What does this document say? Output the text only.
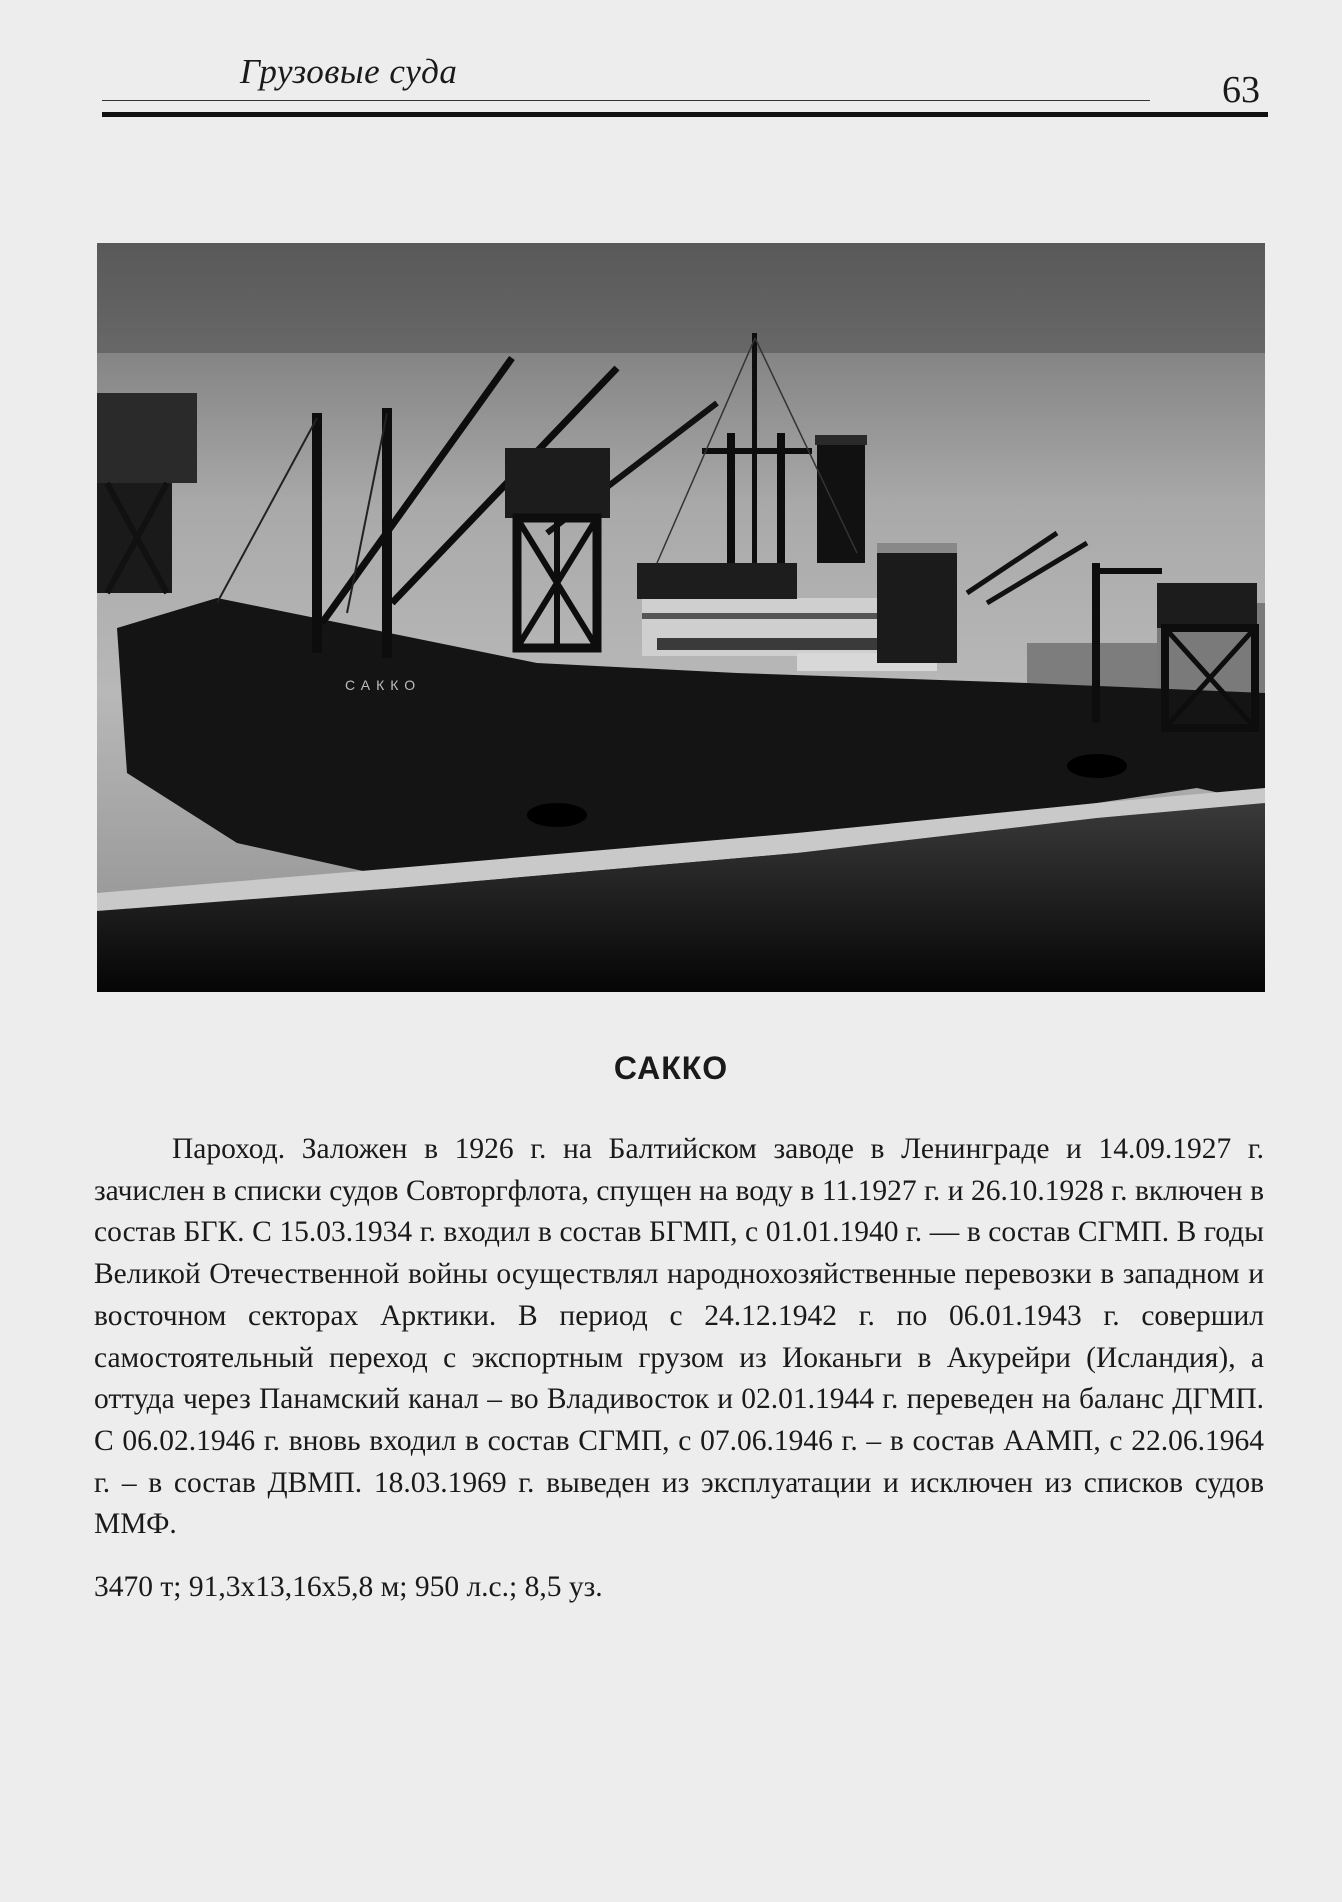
Грузовые суда	63
САККО
САККО

Пароход. Заложен в 1926 г. на Балтийском заводе в Ленинграде и 14.09.1927 г. зачислен в списки судов Совторгфлота, спущен на воду в 11.1927 г. и 26.10.1928 г. включен в состав БГК. С 15.03.1934 г. входил в состав БГМП, с 01.01.1940 г. — в состав СГМП. В годы Великой Отечественной войны осуществлял народнохозяйственные перевозки в западном и восточном секторах Арктики. В период с 24.12.1942 г. по 06.01.1943 г. совершил самостоятельный переход с экспортным грузом из Иоканьги в Акурейри (Исландия), а оттуда через Панамский канал – во Владивосток и 02.01.1944 г. переведен на баланс ДГМП. С 06.02.1946 г. вновь входил в состав СГМП, с 07.06.1946 г. – в состав ААМП, с 22.06.1964 г. – в состав ДВМП. 18.03.1969 г. выведен из эксплуатации и исключен из списков судов ММФ.

3470 т; 91,3х13,16х5,8 м; 950 л.с.; 8,5 уз.
